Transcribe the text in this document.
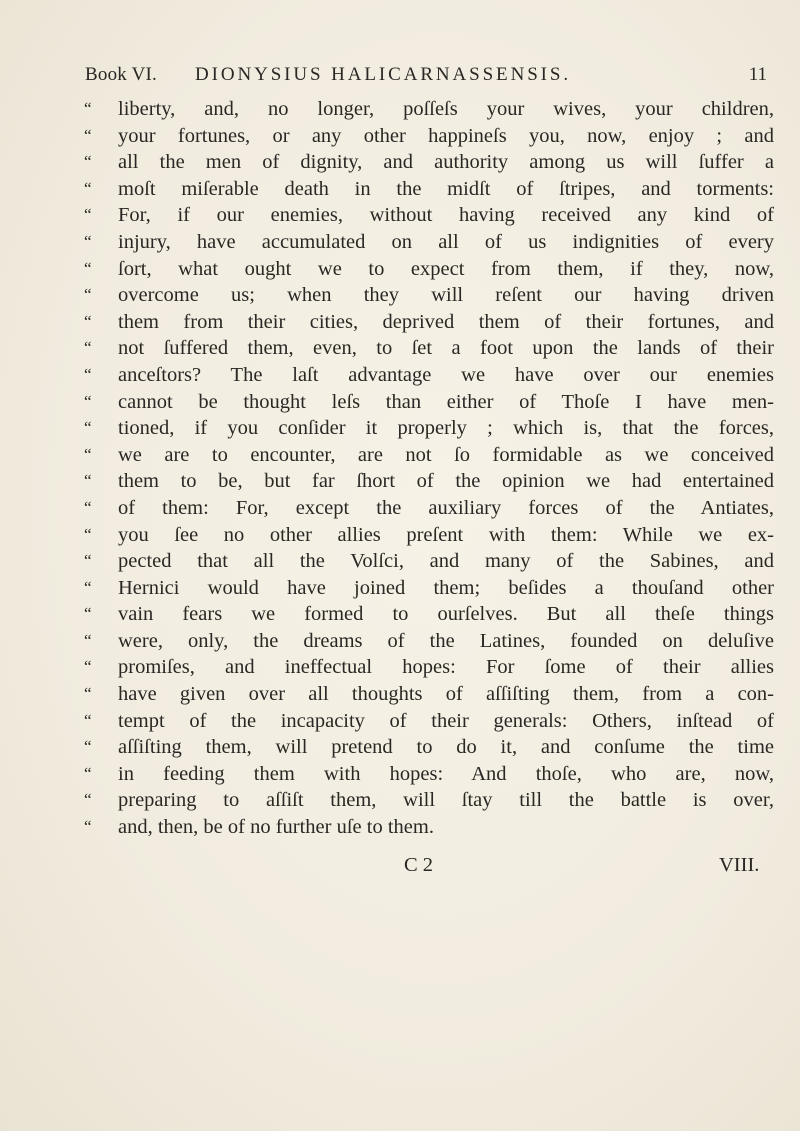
Book VI. DIONYSIUS HALICARNASSENSIS.	11
“	liberty, and, no longer, poſſeſs your wives, your children,
“	your fortunes, or any other happineſs you, now, enjoy ; and
“	all the men of dignity, and authority among us will ſuffer a
“	moſt miſerable death in the midſt of ſtripes, and torments:
“	For, if our enemies, without having received any kind of
“	injury, have accumulated on all of us indignities of every
“	ſort, what ought we to expect from them, if they, now,
“	overcome us; when they will reſent our having driven
“	them from their cities, deprived them of their fortunes, and
“	not ſuffered them, even, to ſet a foot upon the lands of their
“	anceſtors? The laſt advantage we have over our enemies
“	cannot be thought leſs than either of Thoſe I have men-
“	tioned, if you conſider it properly ; which is, that the forces,
“	we are to encounter, are not ſo formidable as we conceived
“	them to be, but far ſhort of the opinion we had entertained
“	of them: For, except the auxiliary forces of the Antiates,
“	you ſee no other allies preſent with them: While we ex-
“	pected that all the Volſci, and many of the Sabines, and
“	Hernici would have joined them; beſides a thouſand other
“	vain fears we formed to ourſelves. But all theſe things
“	were, only, the dreams of the Latines, founded on deluſive
“	promiſes, and ineffectual hopes: For ſome of their allies
“	have given over all thoughts of aſſiſting them, from a con-
“	tempt of the incapacity of their generals: Others, inſtead of
“	aſſiſting them, will pretend to do it, and conſume the time
“	in feeding them with hopes: And thoſe, who are, now,
“	preparing to aſſiſt them, will ſtay till the battle is over,
“	and, then, be of no further uſe to them.
C 2	VIII.
